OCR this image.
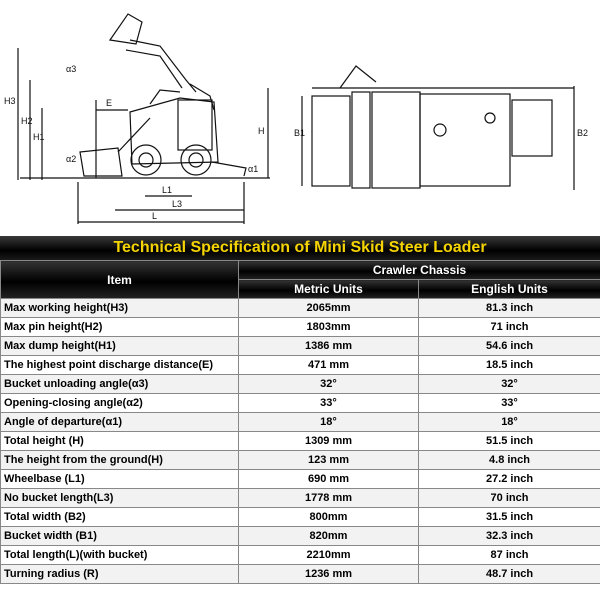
H3
H2
H1
H
E
α3
α2
α1
L1
L3
L
B1	B2
Technical Specification of Mini Skid Steer Loader
Item	Crawler Chassis	
	Metric Units	English Units
Max working height(H3)	2065mm	81.3 inch
Max pin height(H2)	1803mm	71 inch
Max dump height(H1)	1386 mm	54.6 inch
The highest point discharge distance(E)	471 mm	18.5 inch
Bucket unloading angle(α3)	32°	32°
Opening-closing angle(α2)	33°	33°
Angle of departure(α1)	18°	18°
Total height (H)	1309 mm	51.5 inch
The height from the ground(H)	123 mm	4.8 inch
Wheelbase (L1)	690 mm	27.2 inch
No bucket length(L3)	1778 mm	70 inch
Total width (B2)	800mm	31.5 inch
Bucket width (B1)	820mm	32.3 inch
Total length(L)(with bucket)	2210mm	87 inch
Turning radius (R)	1236 mm	48.7 inch
